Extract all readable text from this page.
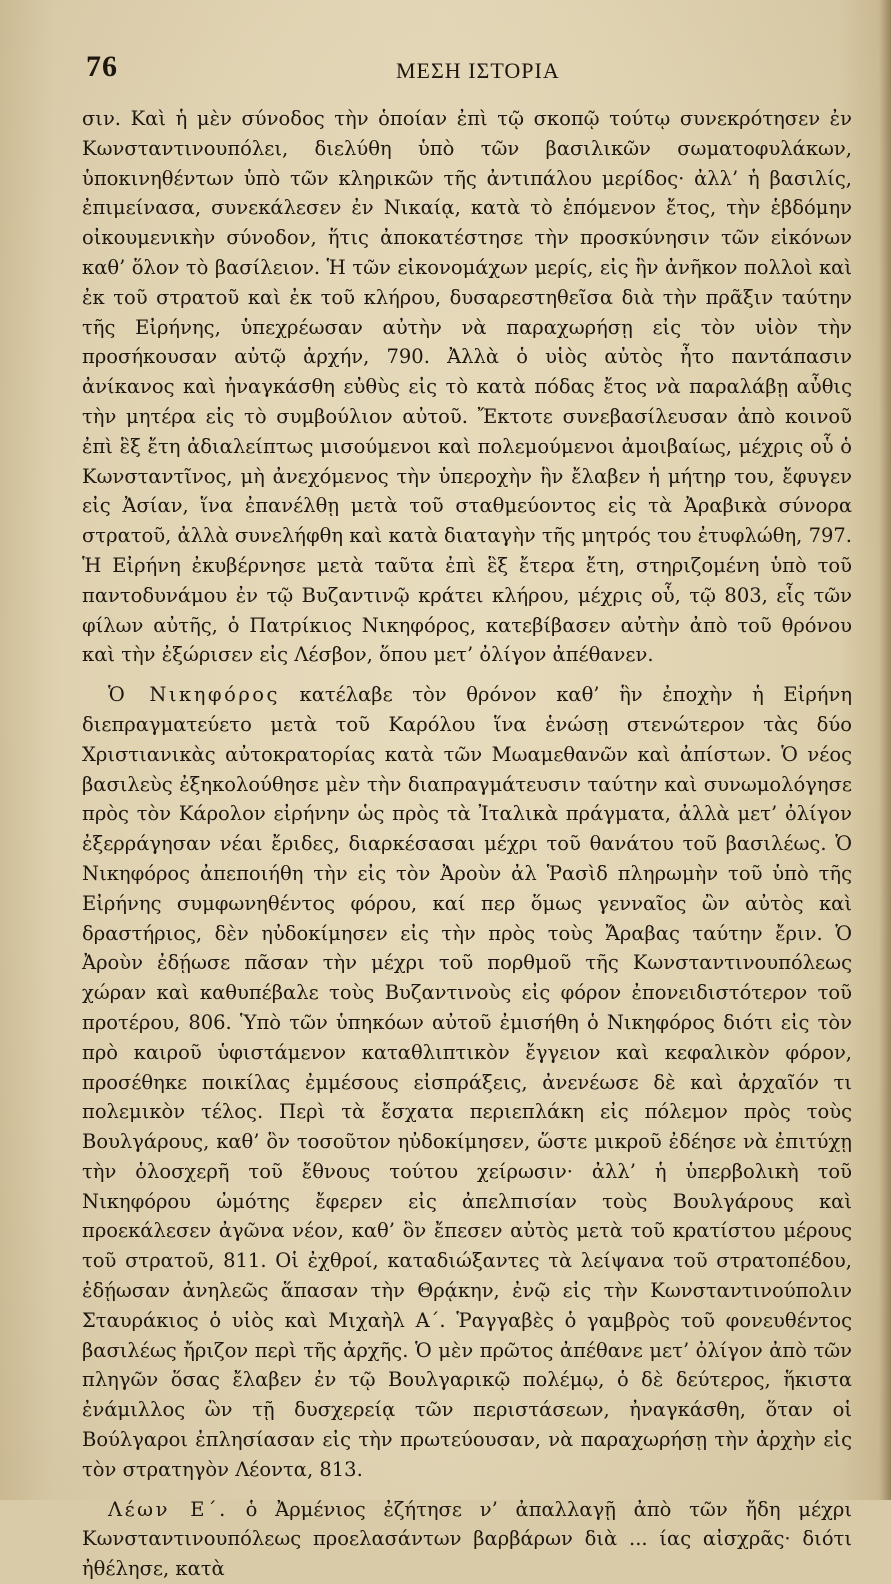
76	ΜΕΣΗ ΙΣΤΟΡΙΑ

σιν. Καὶ ἡ μὲν σύνοδος τὴν ὁποίαν ἐπὶ τῷ σκοπῷ τούτῳ συνεκρότησεν ἐν Κωνσταντινουπόλει, διελύθη ὑπὸ τῶν βασιλικῶν σωματοφυλάκων, ὑποκινηθέντων ὑπὸ τῶν κληρικῶν τῆς ἀντιπάλου μερίδος· ἀλλ’ ἡ βασιλίς, ἐπιμείνασα, συνεκάλεσεν ἐν Νικαίᾳ, κατὰ τὸ ἑπόμενον ἔτος, τὴν ἑβδόμην οἰκουμενικὴν σύνοδον, ἥτις ἀποκατέστησε τὴν προσκύνησιν τῶν εἰκόνων καθ’ ὅλον τὸ βασίλειον. Ἡ τῶν εἰκονομάχων μερίς, εἰς ἣν ἀνῆκον πολλοὶ καὶ ἐκ τοῦ στρατοῦ καὶ ἐκ τοῦ κλήρου, δυσαρεστηθεῖσα διὰ τὴν πρᾶξιν ταύτην τῆς Εἰρήνης, ὑπεχρέωσαν αὐτὴν νὰ παραχωρήσῃ εἰς τὸν υἱὸν τὴν προσήκουσαν αὐτῷ ἀρχήν, 790. Ἀλλὰ ὁ υἱὸς αὐτὸς ἦτο παντάπασιν ἀνίκανος καὶ ἠναγκάσθη εὐθὺς εἰς τὸ κατὰ πόδας ἔτος νὰ παραλάβῃ αὖθις τὴν μητέρα εἰς τὸ συμβούλιον αὐτοῦ. Ἔκτοτε συνεβασίλευσαν ἀπὸ κοινοῦ ἐπὶ ἓξ ἔτη ἀδιαλείπτως μισούμενοι καὶ πολεμούμενοι ἀμοιβαίως, μέχρις οὗ ὁ Κωνσταντῖνος, μὴ ἀνεχόμενος τὴν ὑπεροχὴν ἣν ἔλαβεν ἡ μήτηρ του, ἔφυγεν εἰς Ἀσίαν, ἵνα ἐπανέλθῃ μετὰ τοῦ σταθμεύοντος εἰς τὰ Ἀραβικὰ σύνορα στρατοῦ, ἀλλὰ συνελήφθη καὶ κατὰ διαταγὴν τῆς μητρός του ἐτυφλώθη, 797. Ἡ Εἰρήνη ἐκυβέρνησε μετὰ ταῦτα ἐπὶ ἓξ ἔτερα ἔτη, στηριζομένη ὑπὸ τοῦ παντοδυνάμου ἐν τῷ Βυζαντινῷ κράτει κλήρου, μέχρις οὗ, τῷ 803, εἷς τῶν φίλων αὐτῆς, ὁ Πατρίκιος Νικηφόρος, κατεβίβασεν αὐτὴν ἀπὸ τοῦ θρόνου καὶ τὴν ἐξώρισεν εἰς Λέσβον, ὅπου μετ’ ὀλίγον ἀπέθανεν.

Ὁ Νικηφόρος κατέλαβε τὸν θρόνον καθ’ ἣν ἐποχὴν ἡ Εἰρήνη διεπραγματεύετο μετὰ τοῦ Καρόλου ἵνα ἑνώσῃ στενώτερον τὰς δύο Χριστιανικὰς αὐτοκρατορίας κατὰ τῶν Μωαμεθανῶν καὶ ἀπίστων. Ὁ νέος βασιλεὺς ἐξηκολούθησε μὲν τὴν διαπραγμάτευσιν ταύτην καὶ συνωμολόγησε πρὸς τὸν Κάρολον εἰρήνην ὡς πρὸς τὰ Ἰταλικὰ πράγματα, ἀλλὰ μετ’ ὀλίγον ἐξερράγησαν νέαι ἔριδες, διαρκέσασαι μέχρι τοῦ θανάτου τοῦ βασιλέως. Ὁ Νικηφόρος ἀπεποιήθη τὴν εἰς τὸν Ἀροὺν ἀλ Ῥασὶδ πληρωμὴν τοῦ ὑπὸ τῆς Εἰρήνης συμφωνηθέντος φόρου, καί περ ὅμως γενναῖος ὢν αὐτὸς καὶ δραστήριος, δὲν ηὐδοκίμησεν εἰς τὴν πρὸς τοὺς Ἄραβας ταύτην ἔριν. Ὁ Ἀροὺν ἐδῄωσε πᾶσαν τὴν μέχρι τοῦ πορθμοῦ τῆς Κωνσταντινουπόλεως χώραν καὶ καθυπέβαλε τοὺς Βυζαντινοὺς εἰς φόρον ἐπονειδιστότερον τοῦ προτέρου, 806. Ὑπὸ τῶν ὑπηκόων αὐτοῦ ἐμισήθη ὁ Νικηφόρος διότι εἰς τὸν πρὸ καιροῦ ὑφιστάμενον καταθλιπτικὸν ἔγγειον καὶ κεφαλικὸν φόρον, προσέθηκε ποικίλας ἐμμέσους εἰσπράξεις, ἀνενέωσε δὲ καὶ ἀρχαῖόν τι πολεμικὸν τέλος. Περὶ τὰ ἔσχατα περιεπλάκη εἰς πόλεμον πρὸς τοὺς Βουλγάρους, καθ’ ὃν τοσοῦτον ηὐδοκίμησεν, ὥστε μικροῦ ἐδέησε νὰ ἐπιτύχῃ τὴν ὁλοσχερῆ τοῦ ἔθνους τούτου χείρωσιν· ἀλλ’ ἡ ὑπερβολικὴ τοῦ Νικηφόρου ὠμότης ἔφερεν εἰς ἀπελπισίαν τοὺς Βουλγάρους καὶ προεκάλεσεν ἀγῶνα νέον, καθ’ ὃν ἔπεσεν αὐτὸς μετὰ τοῦ κρατίστου μέρους τοῦ στρατοῦ, 811. Οἱ ἐχθροί, καταδιώξαντες τὰ λείψανα τοῦ στρατοπέδου, ἐδῄωσαν ἀνηλεῶς ἅπασαν τὴν Θρᾴκην, ἐνῷ εἰς τὴν Κωνσταντινούπολιν Σταυράκιος ὁ υἱὸς καὶ Μιχαὴλ Α΄. Ῥαγγαβὲς ὁ γαμβρὸς τοῦ φονευθέντος βασιλέως ἤριζον περὶ τῆς ἀρχῆς. Ὁ μὲν πρῶτος ἀπέθανε μετ’ ὀλίγον ἀπὸ τῶν πληγῶν ὅσας ἔλαβεν ἐν τῷ Βουλγαρικῷ πολέμῳ, ὁ δὲ δεύτερος, ἥκιστα ἐνάμιλλος ὢν τῇ δυσχερείᾳ τῶν περιστάσεων, ἠναγκάσθη, ὅταν οἱ Βούλγαροι ἐπλησίασαν εἰς τὴν πρωτεύουσαν, νὰ παραχωρήσῃ τὴν ἀρχὴν εἰς τὸν στρατηγὸν Λέοντα, 813.

Λέων Ε΄. ὁ Ἀρμένιος ἐζήτησε ν’ ἀπαλλαγῇ ἀπὸ τῶν ἤδη μέχρι Κωνσταντινουπόλεως προελασάντων βαρβάρων διὰ ... ίας αἰσχρᾶς· διότι ἠθέλησε, κατὰ
